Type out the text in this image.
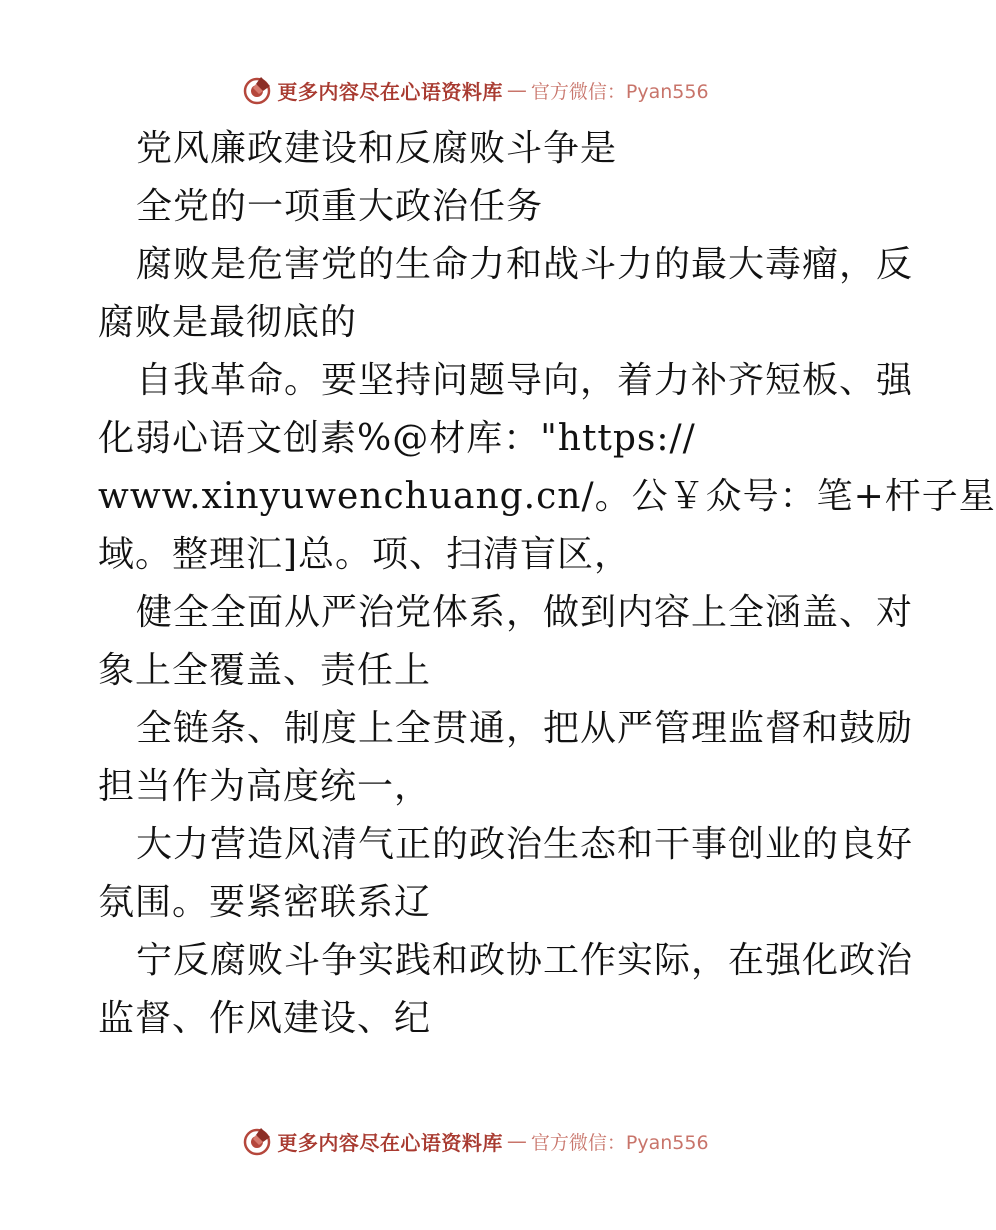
更多内容尽在心语资料库 — 官方微信：Pyan556
党风廉政建设和反腐败斗争是
全党的一项重大政治任务
腐败是危害党的生命力和战斗力的最大毒瘤，反
腐败是最彻底的
自我革命。要坚持问题导向，着力补齐短板、强
化弱心语文创素%@材库："https://
www.xinyuwenchuang.cn/。公￥众号：笔+杆子星
域。整理汇]总。项、扫清盲区，
健全全面从严治党体系，做到内容上全涵盖、对
象上全覆盖、责任上
全链条、制度上全贯通，把从严管理监督和鼓励
担当作为高度统一，
大力营造风清气正的政治生态和干事创业的良好
氛围。要紧密联系辽
宁反腐败斗争实践和政协工作实际，在强化政治
监督、作风建设、纪
更多内容尽在心语资料库 — 官方微信：Pyan556
